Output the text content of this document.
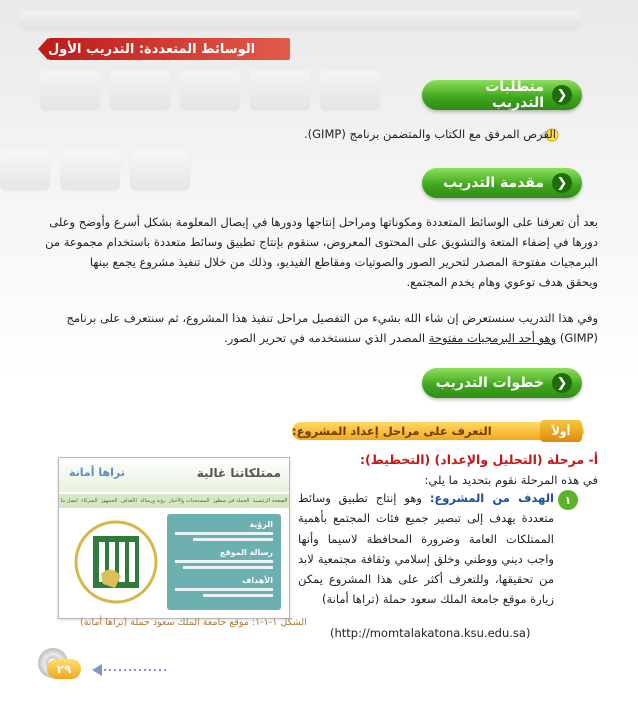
الوسائط المتعددة: التدريب الأول
❮
متطلبات التدريب
القرص المرفق مع الكتاب والمتضمن برنامج (GIMP).
❮
مقدمة التدريب
بعد أن تعرفنا على الوسائط المتعددة ومكوناتها ومراحل إنتاجها ودورها في إيصال المعلومة بشكل أسرع وأوضح وعلى
دورها في إضفاء المتعة والتشويق على المحتوى المعروض، سنقوم بإنتاج تطبيق وسائط متعددة باستخدام مجموعة من
البرمجيات مفتوحة المصدر لتحرير الصور والصوتيات ومقاطع الفيديو، وذلك من خلال تنفيذ مشروع يجمع بينها
ويحقق هدف توعوي وهام يخدم المجتمع.
وفي هذا التدريب سنستعرض إن شاء الله بشيء من التفصيل مراحل تنفيذ هذا المشروع، ثم سنتعرف على برنامج
(GIMP) وهو أحد البرمجيات مفتوحة المصدر الذي سنستخدمه في تحرير الصور.
❮
خطوات التدريب
التعرف على مراحل إعداد المشروع:	أولاً
أ- مرحلة (التحليل والإعداد) (التخطيط):
في هذه المرحلة نقوم بتحديد ما يلي:
١
الهدف من المشروع: وهو إنتاج تطبيق وسائط متعددة يهدف إلى تبصير جميع فئات المجتمع بأهمية الممتلكات العامة وضرورة المحافظة لاسيما وأنها واجب ديني ووطني وخلق إسلامي وثقافة مجتمعية لابد من تحقيقها، وللتعرف أكثر على هذا المشروع يمكن زيارة موقع جامعة الملك سعود حملة (تراها أمانة)
(http://momtalakatona.ksu.edu.sa)
ممتلكاتنا غالية
تراها أمانة
الصفحة الرئيسية
الحملة في سطور
المستجدات والأخبار
رؤية ورسالة
الأهداف
الجمهور
الشركاء
اتصل بنا
الرؤية
رسالة الموقع
الأهداف
الشكل ١-١-١: موقع جامعة الملك سعود حملة (تراها أمانة)
٢٩
